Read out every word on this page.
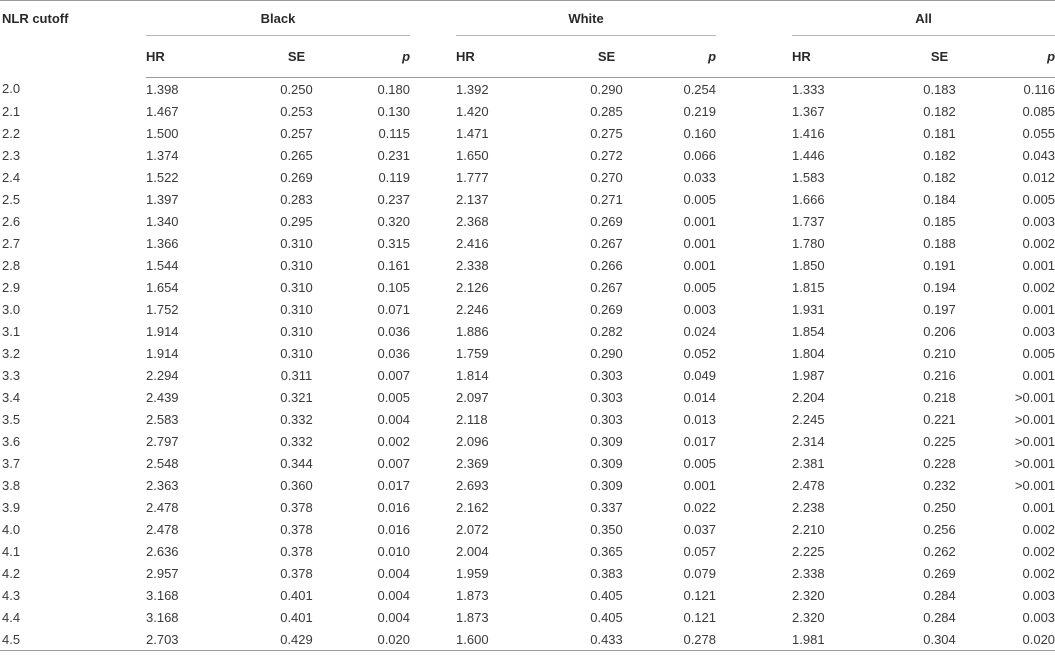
NLR cutoff	Black				White				All		
	HR	SE	p		HR	SE	p		HR	SE	p
2.0	1.398	0.250	0.180		1.392	0.290	0.254		1.333	0.183	0.116
2.1	1.467	0.253	0.130		1.420	0.285	0.219		1.367	0.182	0.085
2.2	1.500	0.257	0.115		1.471	0.275	0.160		1.416	0.181	0.055
2.3	1.374	0.265	0.231		1.650	0.272	0.066		1.446	0.182	0.043
2.4	1.522	0.269	0.119		1.777	0.270	0.033		1.583	0.182	0.012
2.5	1.397	0.283	0.237		2.137	0.271	0.005		1.666	0.184	0.005
2.6	1.340	0.295	0.320		2.368	0.269	0.001		1.737	0.185	0.003
2.7	1.366	0.310	0.315		2.416	0.267	0.001		1.780	0.188	0.002
2.8	1.544	0.310	0.161		2.338	0.266	0.001		1.850	0.191	0.001
2.9	1.654	0.310	0.105		2.126	0.267	0.005		1.815	0.194	0.002
3.0	1.752	0.310	0.071		2.246	0.269	0.003		1.931	0.197	0.001
3.1	1.914	0.310	0.036		1.886	0.282	0.024		1.854	0.206	0.003
3.2	1.914	0.310	0.036		1.759	0.290	0.052		1.804	0.210	0.005
3.3	2.294	0.311	0.007		1.814	0.303	0.049		1.987	0.216	0.001
3.4	2.439	0.321	0.005		2.097	0.303	0.014		2.204	0.218	>0.001
3.5	2.583	0.332	0.004		2.118	0.303	0.013		2.245	0.221	>0.001
3.6	2.797	0.332	0.002		2.096	0.309	0.017		2.314	0.225	>0.001
3.7	2.548	0.344	0.007		2.369	0.309	0.005		2.381	0.228	>0.001
3.8	2.363	0.360	0.017		2.693	0.309	0.001		2.478	0.232	>0.001
3.9	2.478	0.378	0.016		2.162	0.337	0.022		2.238	0.250	0.001
4.0	2.478	0.378	0.016		2.072	0.350	0.037		2.210	0.256	0.002
4.1	2.636	0.378	0.010		2.004	0.365	0.057		2.225	0.262	0.002
4.2	2.957	0.378	0.004		1.959	0.383	0.079		2.338	0.269	0.002
4.3	3.168	0.401	0.004		1.873	0.405	0.121		2.320	0.284	0.003
4.4	3.168	0.401	0.004		1.873	0.405	0.121		2.320	0.284	0.003
4.5	2.703	0.429	0.020		1.600	0.433	0.278		1.981	0.304	0.020
